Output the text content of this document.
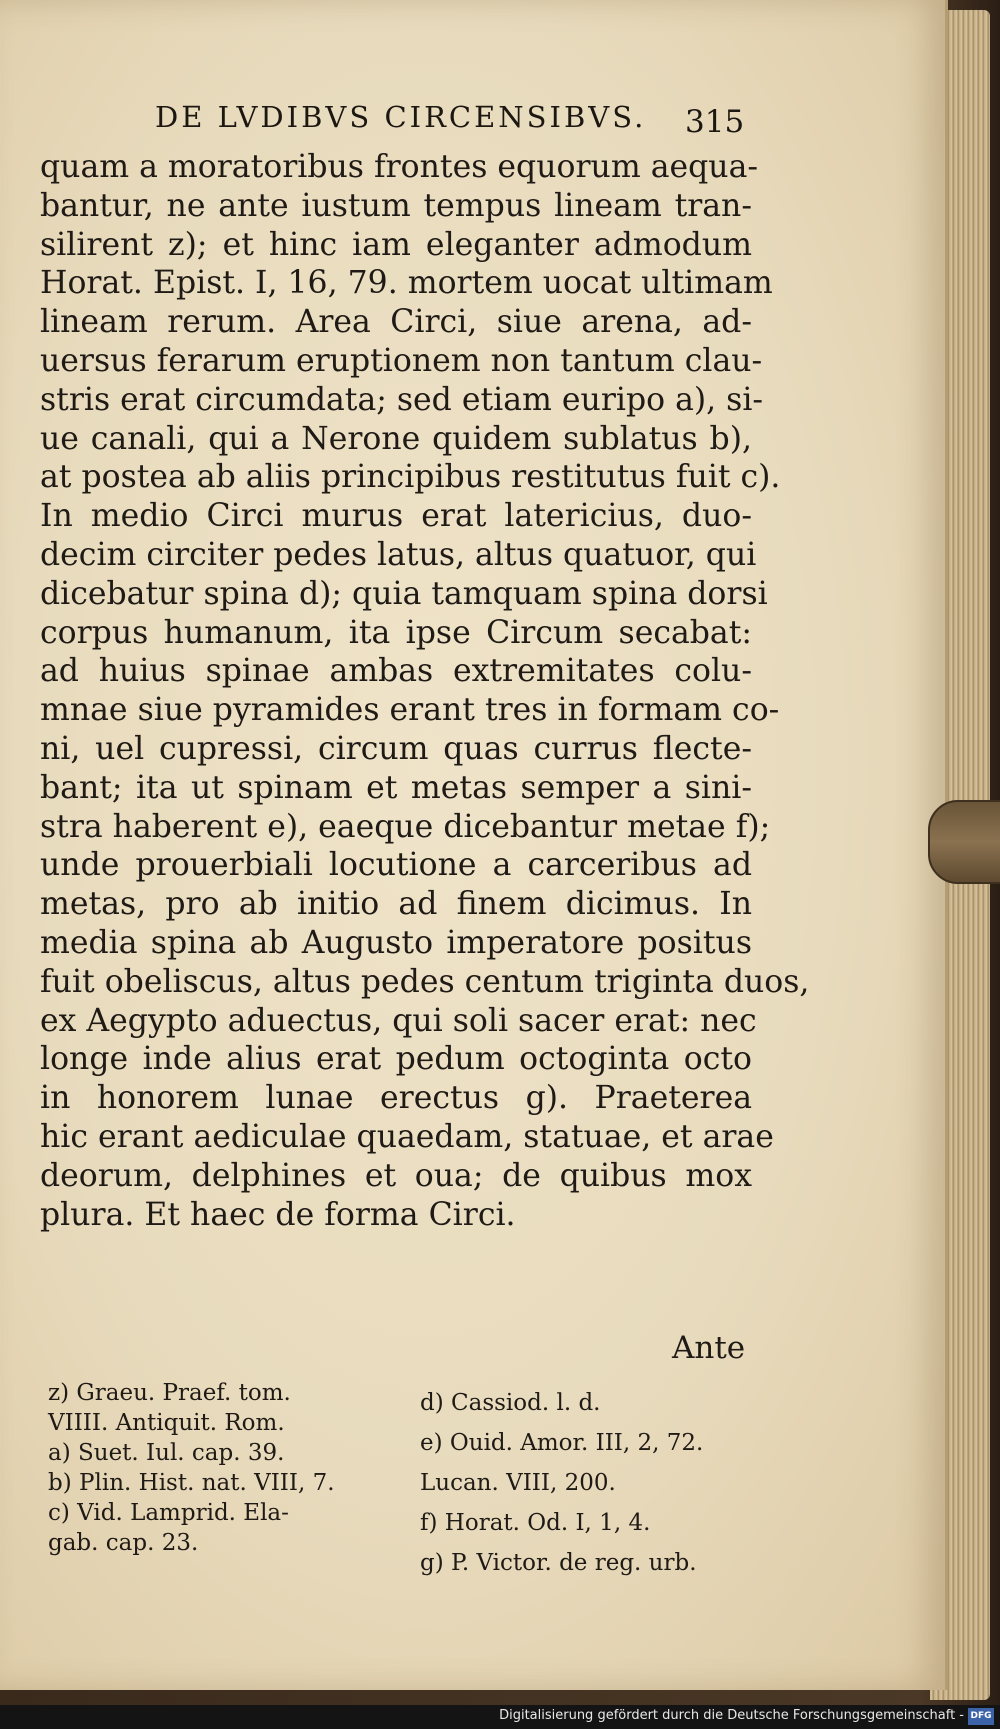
DE LVDIBVS CIRCENSIBVS.	315
quam a moratoribus frontes equorum aequa-
bantur, ne ante iustum tempus lineam tran-
silirent z); et hinc iam eleganter admodum
Horat. Epist. I, 16, 79. mortem uocat ultimam
lineam rerum. Area Circi, siue arena, ad-
uersus ferarum eruptionem non tantum clau-
stris erat circumdata; sed etiam euripo a), si-
ue canali, qui a Nerone quidem sublatus b),
at postea ab aliis principibus restitutus fuit c).
In medio Circi murus erat latericius, duo-
decim circiter pedes latus, altus quatuor, qui
dicebatur spina d); quia tamquam spina dorsi
corpus humanum, ita ipse Circum secabat:
ad huius spinae ambas extremitates colu-
mnae siue pyramides erant tres in formam co-
ni, uel cupressi, circum quas currus flecte-
bant; ita ut spinam et metas semper a sini-
stra haberent e), eaeque dicebantur metae f);
unde prouerbiali locutione a carceribus ad
metas, pro ab initio ad finem dicimus. In
media spina ab Augusto imperatore positus
fuit obeliscus, altus pedes centum triginta duos,
ex Aegypto aduectus, qui soli sacer erat: nec
longe inde alius erat pedum octoginta octo
in honorem lunae erectus g). Praeterea
hic erant aediculae quaedam, statuae, et arae
deorum, delphines et oua; de quibus mox
plura. Et haec de forma Circi.
Ante
z) Graeu. Praef. tom.
VIIII. Antiquit. Rom.
a) Suet. Iul. cap. 39.
b) Plin. Hist. nat. VIII, 7.
c) Vid. Lamprid. Ela-
gab. cap. 23.
d) Cassiod. l. d.
e) Ouid. Amor. III, 2, 72.
Lucan. VIII, 200.
f) Horat. Od. I, 1, 4.
g) P. Victor. de reg. urb.
Digitalisierung gefördert durch die Deutsche Forschungsgemeinschaft - DFG
